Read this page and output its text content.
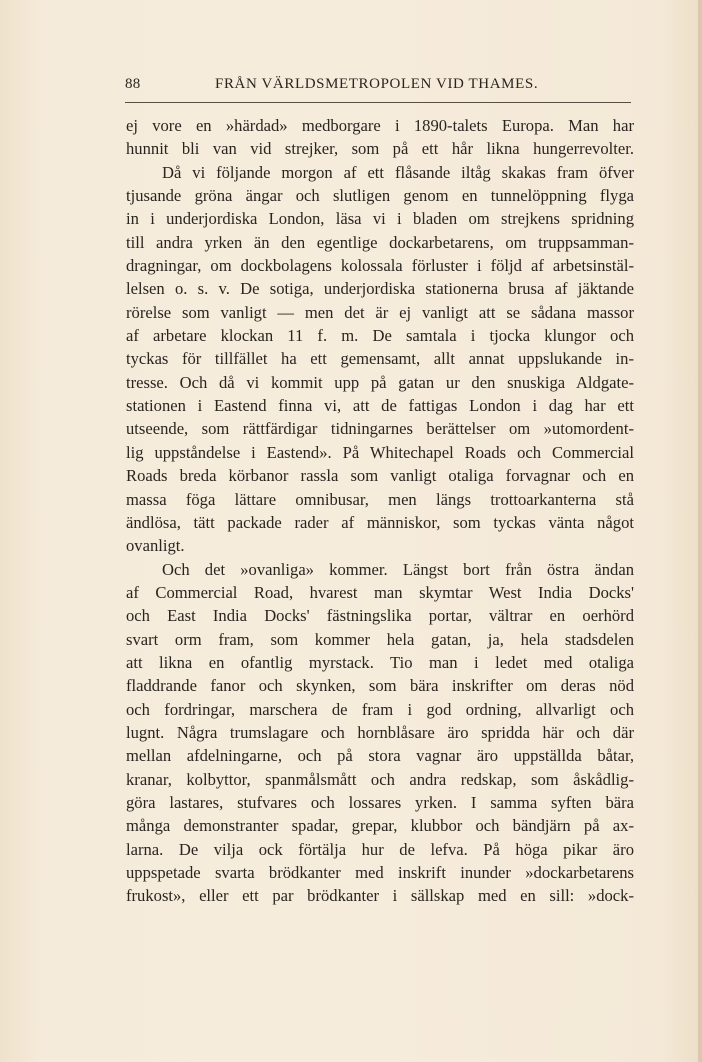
88	FRÅN VÄRLDSMETROPOLEN VID THAMES.
ej vore en »härdad» medborgare i 1890-talets Europa. Man har
hunnit bli van vid strejker, som på ett hår likna hungerrevolter.
Då vi följande morgon af ett flåsande iltåg skakas fram öfver
tjusande gröna ängar och slutligen genom en tunnelöppning flyga
in i underjordiska London, läsa vi i bladen om strejkens spridning
till andra yrken än den egentlige dockarbetarens, om truppsamman-
dragningar, om dockbolagens kolossala förluster i följd af arbetsinstäl-
lelsen o. s. v. De sotiga, underjordiska stationerna brusa af jäktande
rörelse som vanligt — men det är ej vanligt att se sådana massor
af arbetare klockan 11 f. m. De samtala i tjocka klungor och
tyckas för tillfället ha ett gemensamt, allt annat uppslukande in-
tresse. Och då vi kommit upp på gatan ur den snuskiga Aldgate-
stationen i Eastend finna vi, att de fattigas London i dag har ett
utseende, som rättfärdigar tidningarnes berättelser om »utomordent-
lig uppståndelse i Eastend». På Whitechapel Roads och Commercial
Roads breda körbanor rassla som vanligt otaliga forvagnar och en
massa föga lättare omnibusar, men längs trottoarkanterna stå
ändlösa, tätt packade rader af människor, som tyckas vänta något
ovanligt.
Och det »ovanliga» kommer. Längst bort från östra ändan
af Commercial Road, hvarest man skymtar West India Docks'
och East India Docks' fästningslika portar, vältrar en oerhörd
svart orm fram, som kommer hela gatan, ja, hela stadsdelen
att likna en ofantlig myrstack. Tio man i ledet med otaliga
fladdrande fanor och skynken, som bära inskrifter om deras nöd
och fordringar, marschera de fram i god ordning, allvarligt och
lugnt. Några trumslagare och hornblåsare äro spridda här och där
mellan afdelningarne, och på stora vagnar äro uppställda båtar,
kranar, kolbyttor, spanmålsmått och andra redskap, som åskådlig-
göra lastares, stufvares och lossares yrken. I samma syften bära
många demonstranter spadar, grepar, klubbor och bändjärn på ax-
larna. De vilja ock förtälja hur de lefva. På höga pikar äro
uppspetade svarta brödkanter med inskrift inunder »dockarbetarens
frukost», eller ett par brödkanter i sällskap med en sill: »dock-
